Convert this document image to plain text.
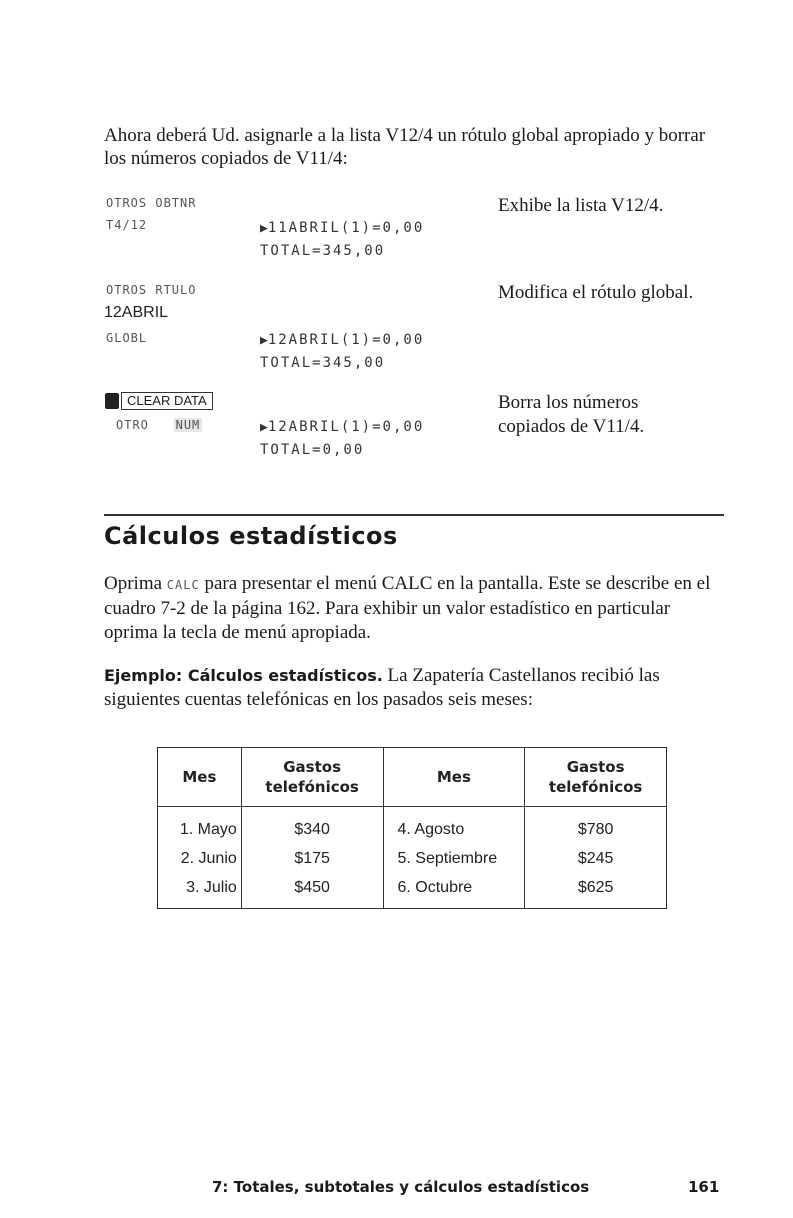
Ahora deberá Ud. asignarle a la lista V12/4 un rótulo global apropiado y borrar los números copiados de V11/4:
OTROS OBTNR
T4/12	▶11ABRIL(1)=0,00
TOTAL=345,00
Exhibe la lista V12/4.
OTROS RTULO
12ABRIL
GLOBL	▶12ABRIL(1)=0,00
TOTAL=345,00
Modifica el rótulo global.
CLEAR DATA
OTRO NUM	▶12ABRIL(1)=0,00
TOTAL=0,00
Borra los números
copiados de V11/4.
Cálculos estadísticos
Oprima CALC para presentar el menú CALC en la pantalla. Este se describe en el cuadro 7-2 de la página 162. Para exhibir un valor estadístico en particular oprima la tecla de menú apropiada.
Ejemplo: Cálculos estadísticos. La Zapatería Castellanos recibió las siguientes cuentas telefónicas en los pasados seis meses:
Mes	Gastos telefónicos	Mes	Gastos telefónicos
1. Mayo	$340	4. Agosto	$780
2. Junio	$175	5. Septiembre	$245
3. Julio	$450	6. Octubre	$625
7: Totales, subtotales y cálculos estadísticos	161
